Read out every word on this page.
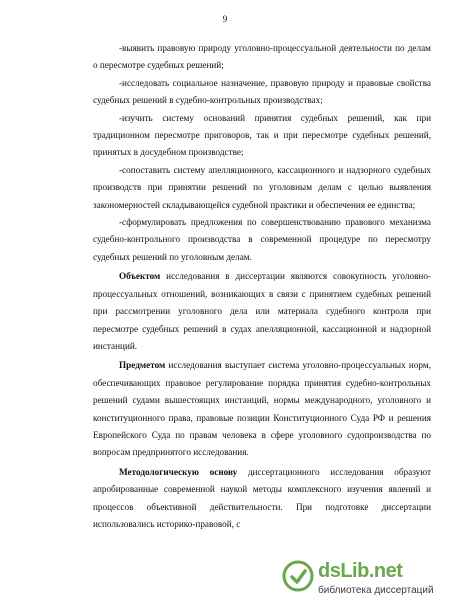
9

-выявить правовую природу уголовно-процессуальной деятельности по делам о пересмотре судебных решений;

-исследовать социальное назначение, правовую природу и правовые свойства судебных решений в судебно-контрольных производствах;

-изучить систему оснований принятия судебных решений, как при традиционном пересмотре приговоров, так и при пересмотре судебных решений, принятых в досудебном производстве;

-сопоставить систему апелляционного, кассационного и надзорного судебных производств при принятии решений по уголовным делам с целью выявления закономерностей складывающейся судебной практики и обеспечения ее единства;

-сформулировать предложения по совершенствованию правового механизма судебно-контрольного производства в современной процедуре по пересмотру судебных решений по уголовным делам.

Объектом исследования в диссертации являются совокупность уголовно-процессуальных отношений, возникающих в связи с принятием судебных решений при рассмотрении уголовного дела или материала судебного контроля при пересмотре судебных решений в судах апелляционной, кассационной и надзорной инстанций.

Предметом исследования выступает система уголовно-процессуальных норм, обеспечивающих правовое регулирование порядка принятия судебно-контрольных решений судами вышестоящих инстанций, нормы международного, уголовного и конституционного права, правовые позиции Конституционного Суда РФ и решения Европейского Суда по правам человека в сфере уголовного судопроизводства по вопросам предпринятого исследования.

Методологическую основу диссертационного исследования образуют апробированные современной наукой методы комплексного изучения явлений и процессов объективной действительности. При подготовке диссертации использовались историко-правовой, с

dsLib.net
библиотека диссертаций
